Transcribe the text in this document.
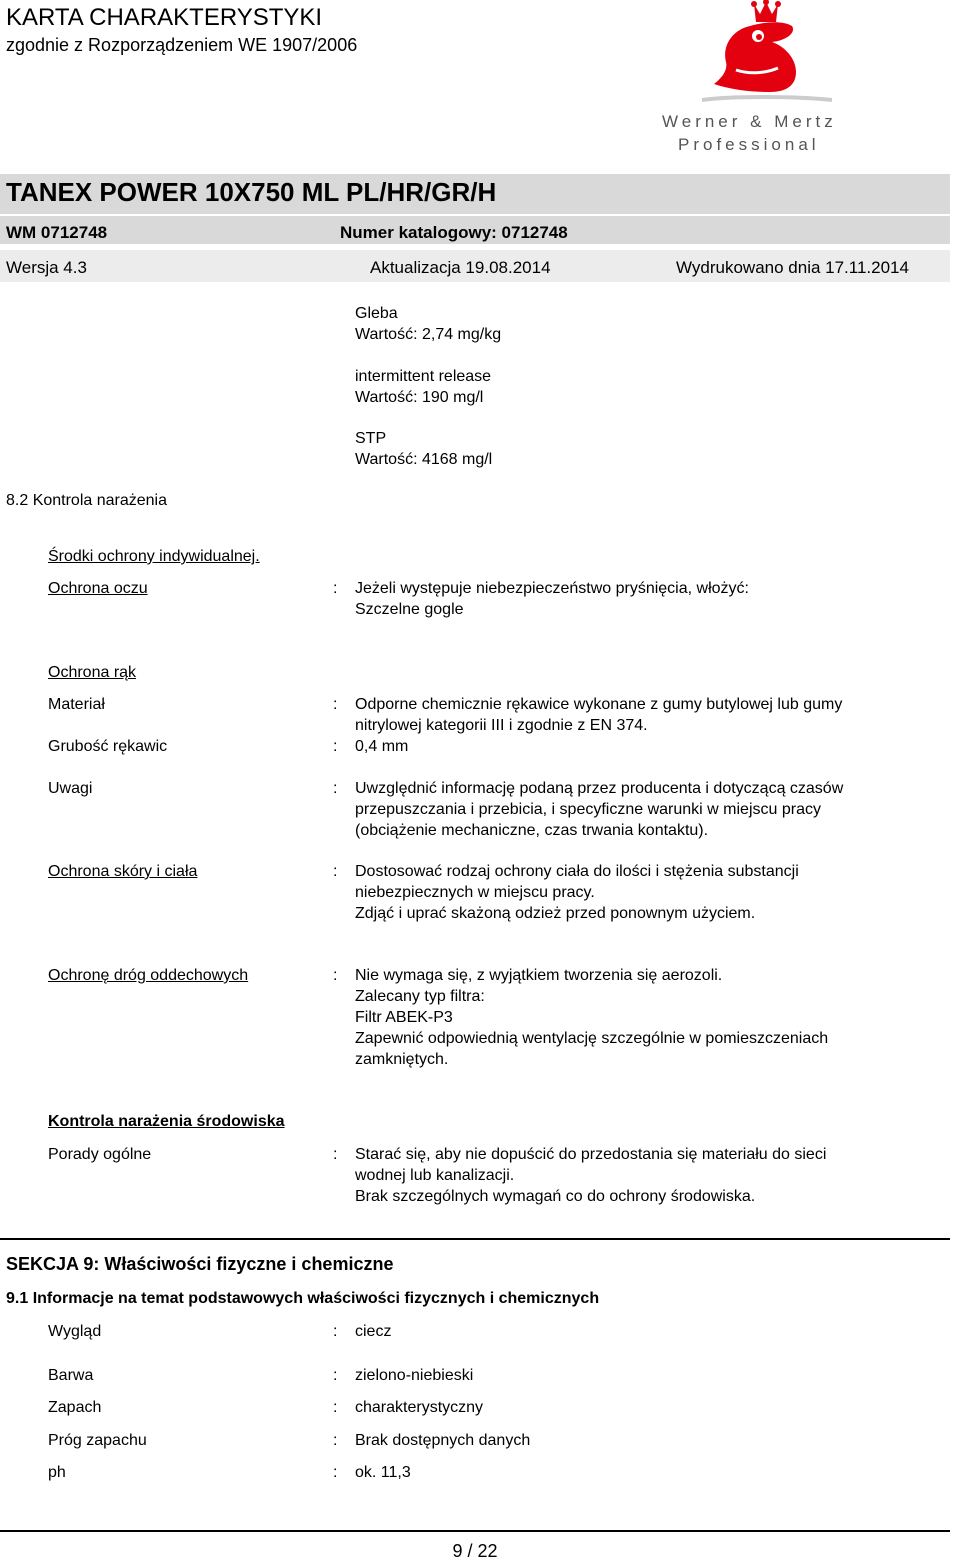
KARTA CHARAKTERYSTYKI
zgodnie z Rozporządzeniem WE 1907/2006
Werner & Mertz
Professional
TANEX POWER 10X750 ML PL/HR/GR/H
WM 0712748	Numer katalogowy: 0712748
Wersja 4.3	Aktualizacja 19.08.2014	Wydrukowano dnia 17.11.2014
Gleba
Wartość: 2,74 mg/kg
intermittent release
Wartość: 190 mg/l
STP
Wartość: 4168 mg/l
8.2 Kontrola narażenia
Środki ochrony indywidualnej.
Ochrona oczu	: Jeżeli występuje niebezpieczeństwo pryśnięcia, włożyć:
Szczelne gogle
Ochrona rąk
Materiał	: Odporne chemicznie rękawice wykonane z gumy butylowej lub gumy
nitrylowej kategorii III i zgodnie z EN 374.
Grubość rękawic	: 0,4 mm
Uwagi	: Uwzględnić informację podaną przez producenta i dotyczącą czasów
przepuszczania i przebicia, i specyficzne warunki w miejscu pracy
(obciążenie mechaniczne, czas trwania kontaktu).
Ochrona skóry i ciała	: Dostosować rodzaj ochrony ciała do ilości i stężenia substancji
niebezpiecznych w miejscu pracy.
Zdjąć i uprać skażoną odzież przed ponownym użyciem.
Ochronę dróg oddechowych	: Nie wymaga się, z wyjątkiem tworzenia się aerozoli.
Zalecany typ filtra:
Filtr ABEK-P3
Zapewnić odpowiednią wentylację szczególnie w pomieszczeniach
zamkniętych.
Kontrola narażenia środowiska
Porady ogólne	: Starać się, aby nie dopuścić do przedostania się materiału do sieci
wodnej lub kanalizacji.
Brak szczególnych wymagań co do ochrony środowiska.
SEKCJA 9: Właściwości fizyczne i chemiczne
9.1 Informacje na temat podstawowych właściwości fizycznych i chemicznych
Wygląd	: ciecz
Barwa	: zielono-niebieski
Zapach	: charakterystyczny
Próg zapachu	: Brak dostępnych danych
ph	: ok. 11,3
9 / 22
